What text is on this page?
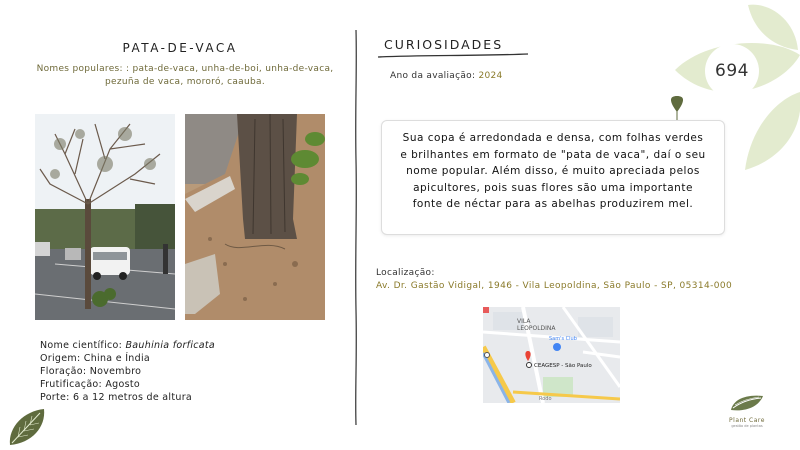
694
PATA-DE-VACA
Nomes populares: : pata-de-vaca, unha-de-boi, unha-de-vaca, pezuña de vaca, mororó, caauba.
Nome científico: Bauhinia forficata
Origem: China e Índia
Floração: Novembro
Frutificação: Agosto
Porte: 6 a 12 metros de altura
CURIOSIDADES
Ano da avaliação: 2024
Sua copa é arredondada e densa, com folhas verdes e brilhantes em formato de "pata de vaca", daí o seu nome popular. Além disso, é muito apreciada pelos apicultores, pois suas flores são uma importante fonte de néctar para as abelhas produzirem mel.
Localização:
Av. Dr. Gastão Vidigal, 1946 - Vila Leopoldina, São Paulo - SP, 05314-000
VILA
LEOPOLDINA
Sam's Club
CEAGESP - São Paulo
Rodo
Plant Care
gestão de plantas
